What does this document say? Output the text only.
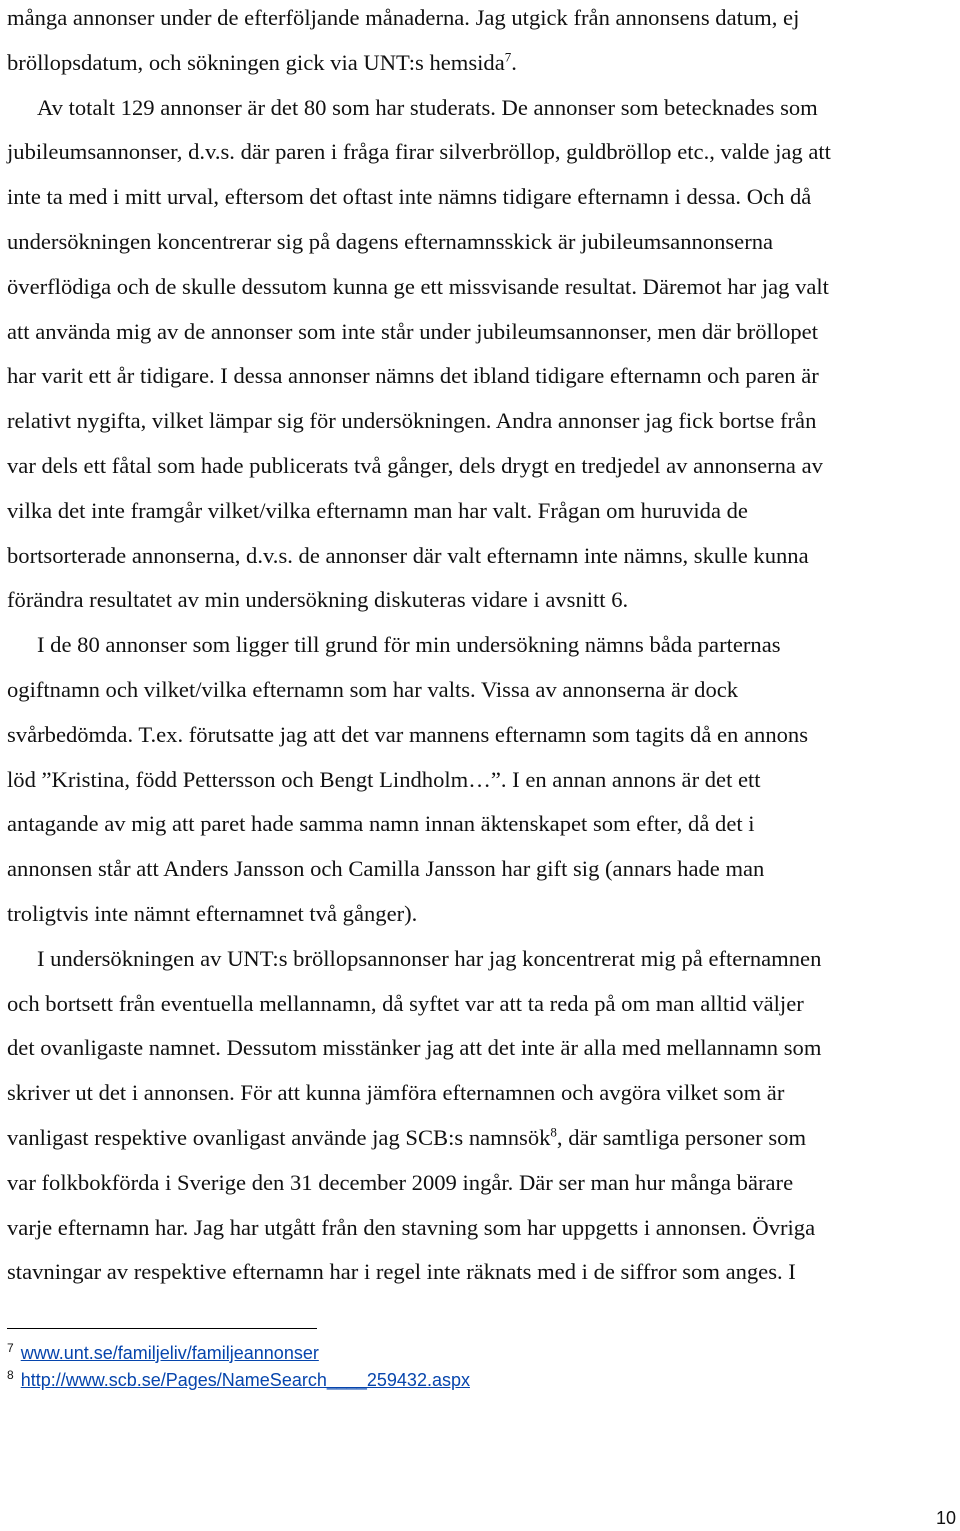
många annonser under de efterföljande månaderna. Jag utgick från annonsens datum, ej
bröllopsdatum, och sökningen gick via UNT:s hemsida$^7$.
Av totalt 129 annonser är det 80 som har studerats. De annonser som betecknades som
jubileumsannonser, d.v.s. där paren i fråga firar silverbröllop, guldbröllop etc., valde jag att
inte ta med i mitt urval, eftersom det oftast inte nämns tidigare efternamn i dessa. Och då
undersökningen koncentrerar sig på dagens efternamnsskick är jubileumsannonserna
överflödiga och de skulle dessutom kunna ge ett missvisande resultat. Däremot har jag valt
att använda mig av de annonser som inte står under jubileumsannonser, men där bröllopet
har varit ett år tidigare. I dessa annonser nämns det ibland tidigare efternamn och paren är
relativt nygifta, vilket lämpar sig för undersökningen. Andra annonser jag fick bortse från
var dels ett fåtal som hade publicerats två gånger, dels drygt en tredjedel av annonserna av
vilka det inte framgår vilket/vilka efternamn man har valt. Frågan om huruvida de
bortsorterade annonserna, d.v.s. de annonser där valt efternamn inte nämns, skulle kunna
förändra resultatet av min undersökning diskuteras vidare i avsnitt 6.
I de 80 annonser som ligger till grund för min undersökning nämns båda parternas
ogiftnamn och vilket/vilka efternamn som har valts. Vissa av annonserna är dock
svårbedömda. T.ex. förutsatte jag att det var mannens efternamn som tagits då en annons
löd ”Kristina, född Pettersson och Bengt Lindholm…”. I en annan annons är det ett
antagande av mig att paret hade samma namn innan äktenskapet som efter, då det i
annonsen står att Anders Jansson och Camilla Jansson har gift sig (annars hade man
troligtvis inte nämnt efternamnet två gånger).
I undersökningen av UNT:s bröllopsannonser har jag koncentrerat mig på efternamnen
och bortsett från eventuella mellannamn, då syftet var att ta reda på om man alltid väljer
det ovanligaste namnet. Dessutom misstänker jag att det inte är alla med mellannamn som
skriver ut det i annonsen. För att kunna jämföra efternamnen och avgöra vilket som är
vanligast respektive ovanligast använde jag SCB:s namnsök$^8$, där samtliga personer som
var folkbokförda i Sverige den 31 december 2009 ingår. Där ser man hur många bärare
varje efternamn har. Jag har utgått från den stavning som har uppgetts i annonsen. Övriga
stavningar av respektive efternamn har i regel inte räknats med i de siffror som anges. I
$^7$ www.unt.se/familjeliv/familjeannonser
$^8$ http://www.scb.se/Pages/NameSearch____259432.aspx
10
